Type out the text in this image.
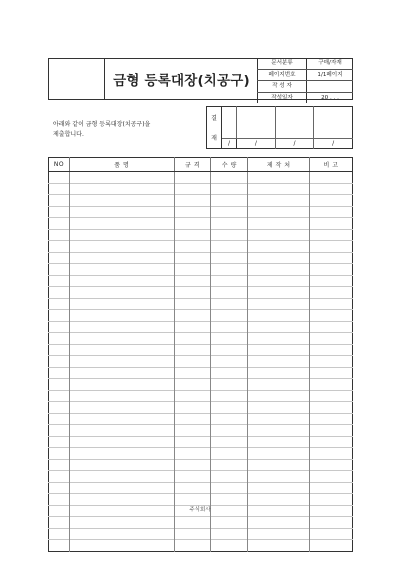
금형 등록대장(치공구)
문서분류	구매/자재
페이지번호	1/1페이지
작 성 자	
작성일자	20 . . .
아래와 같이 금형 등록대장(치공구)을
제출합니다.
결
재				

	/	/	/	/
NO	품 명	규 격	수 량	제 작 처	비 고

주식회사
